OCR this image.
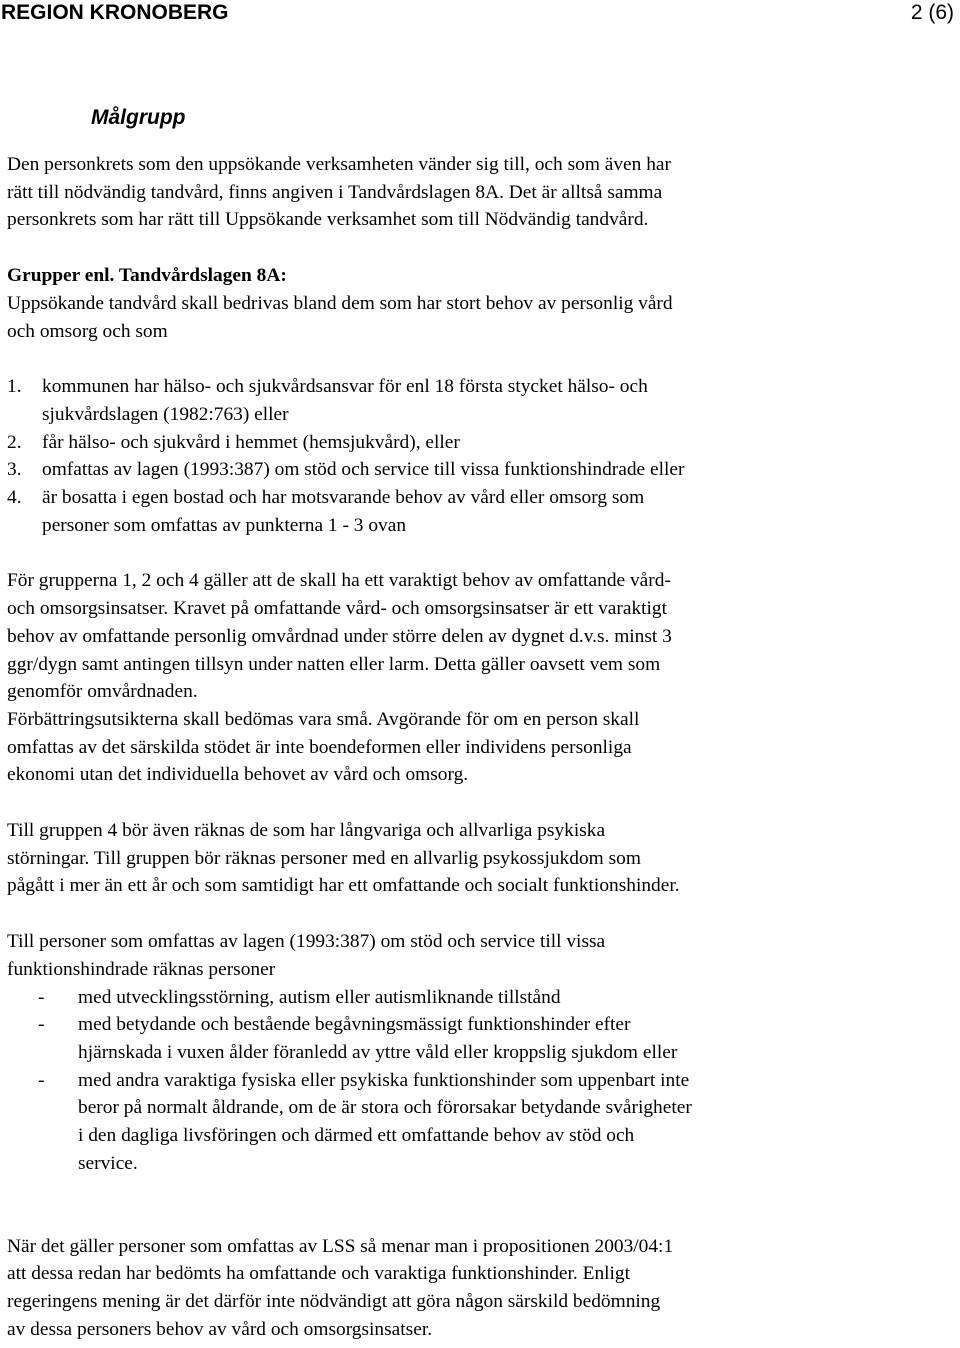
REGION KRONOBERG	2 (6)
Målgrupp

Den personkrets som den uppsökande verksamheten vänder sig till, och som även har
rätt till nödvändig tandvård, finns angiven i Tandvårdslagen 8A. Det är alltså samma
personkrets som har rätt till Uppsökande verksamhet som till Nödvändig tandvård.

Grupper enl. Tandvårdslagen 8A:
Uppsökande tandvård skall bedrivas bland dem som har stort behov av personlig vård
och omsorg och som

1. kommunen har hälso- och sjukvårdsansvar för enl 18 första stycket hälso- och
sjukvårdslagen (1982:763) eller
2. får hälso- och sjukvård i hemmet (hemsjukvård), eller
3. omfattas av lagen (1993:387) om stöd och service till vissa funktionshindrade eller
4. är bosatta i egen bostad och har motsvarande behov av vård eller omsorg som
personer som omfattas av punkterna 1 - 3 ovan

För grupperna 1, 2 och 4 gäller att de skall ha ett varaktigt behov av omfattande vård-
och omsorgsinsatser. Kravet på omfattande vård- och omsorgsinsatser är ett varaktigt
behov av omfattande personlig omvårdnad under större delen av dygnet d.v.s. minst 3
ggr/dygn samt antingen tillsyn under natten eller larm. Detta gäller oavsett vem som
genomför omvårdnaden.
Förbättringsutsikterna skall bedömas vara små. Avgörande för om en person skall
omfattas av det särskilda stödet är inte boendeformen eller individens personliga
ekonomi utan det individuella behovet av vård och omsorg.

Till gruppen 4 bör även räknas de som har långvariga och allvarliga psykiska
störningar. Till gruppen bör räknas personer med en allvarlig psykossjukdom som
pågått i mer än ett år och som samtidigt har ett omfattande och socialt funktionshinder.

Till personer som omfattas av lagen (1993:387) om stöd och service till vissa
funktionshindrade räknas personer

- med utvecklingsstörning, autism eller autismliknande tillstånd
- med betydande och bestående begåvningsmässigt funktionshinder efter
hjärnskada i vuxen ålder föranledd av yttre våld eller kroppslig sjukdom eller
- med andra varaktiga fysiska eller psykiska funktionshinder som uppenbart inte
beror på normalt åldrande, om de är stora och förorsakar betydande svårigheter
i den dagliga livsföringen och därmed ett omfattande behov av stöd och
service.

När det gäller personer som omfattas av LSS så menar man i propositionen 2003/04:1
att dessa redan har bedömts ha omfattande och varaktiga funktionshinder. Enligt
regeringens mening är det därför inte nödvändigt att göra någon särskild bedömning
av dessa personers behov av vård och omsorgsinsatser.
